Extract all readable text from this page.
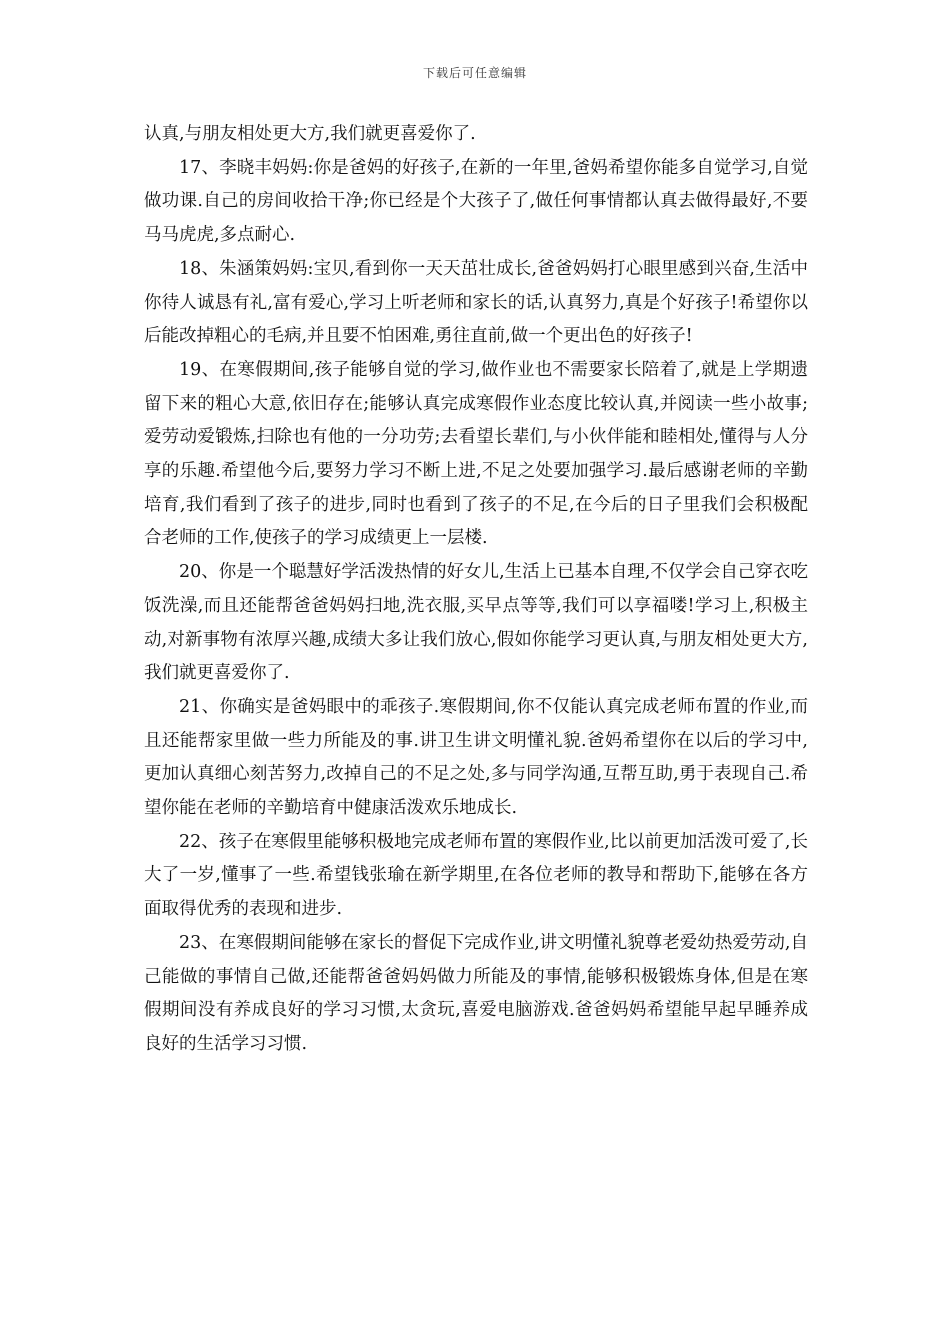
下载后可任意编辑

认真,与朋友相处更大方,我们就更喜爱你了.

17、李晓丰妈妈:你是爸妈的好孩子,在新的一年里,爸妈希望你能多自觉学习,自觉做功课.自己的房间收拾干净;你已经是个大孩子了,做任何事情都认真去做得最好,不要马马虎虎,多点耐心.

18、朱涵策妈妈:宝贝,看到你一天天茁壮成长,爸爸妈妈打心眼里感到兴奋,生活中你待人诚恳有礼,富有爱心,学习上听老师和家长的话,认真努力,真是个好孩子!希望你以后能改掉粗心的毛病,并且要不怕困难,勇往直前,做一个更出色的好孩子!

19、在寒假期间,孩子能够自觉的学习,做作业也不需要家长陪着了,就是上学期遗留下来的粗心大意,依旧存在;能够认真完成寒假作业态度比较认真,并阅读一些小故事;爱劳动爱锻炼,扫除也有他的一分功劳;去看望长辈们,与小伙伴能和睦相处,懂得与人分享的乐趣.希望他今后,要努力学习不断上进,不足之处要加强学习.最后感谢老师的辛勤培育,我们看到了孩子的进步,同时也看到了孩子的不足,在今后的日子里我们会积极配合老师的工作,使孩子的学习成绩更上一层楼.

20、你是一个聪慧好学活泼热情的好女儿,生活上已基本自理,不仅学会自己穿衣吃饭洗澡,而且还能帮爸爸妈妈扫地,洗衣服,买早点等等,我们可以享福喽!学习上,积极主动,对新事物有浓厚兴趣,成绩大多让我们放心,假如你能学习更认真,与朋友相处更大方,我们就更喜爱你了.

21、你确实是爸妈眼中的乖孩子.寒假期间,你不仅能认真完成老师布置的作业,而且还能帮家里做一些力所能及的事.讲卫生讲文明懂礼貌.爸妈希望你在以后的学习中,更加认真细心刻苦努力,改掉自己的不足之处,多与同学沟通,互帮互助,勇于表现自己.希望你能在老师的辛勤培育中健康活泼欢乐地成长.

22、孩子在寒假里能够积极地完成老师布置的寒假作业,比以前更加活泼可爱了,长大了一岁,懂事了一些.希望钱张瑜在新学期里,在各位老师的教导和帮助下,能够在各方面取得优秀的表现和进步.

23、在寒假期间能够在家长的督促下完成作业,讲文明懂礼貌尊老爱幼热爱劳动,自己能做的事情自己做,还能帮爸爸妈妈做力所能及的事情,能够积极锻炼身体,但是在寒假期间没有养成良好的学习习惯,太贪玩,喜爱电脑游戏.爸爸妈妈希望能早起早睡养成良好的生活学习习惯.
